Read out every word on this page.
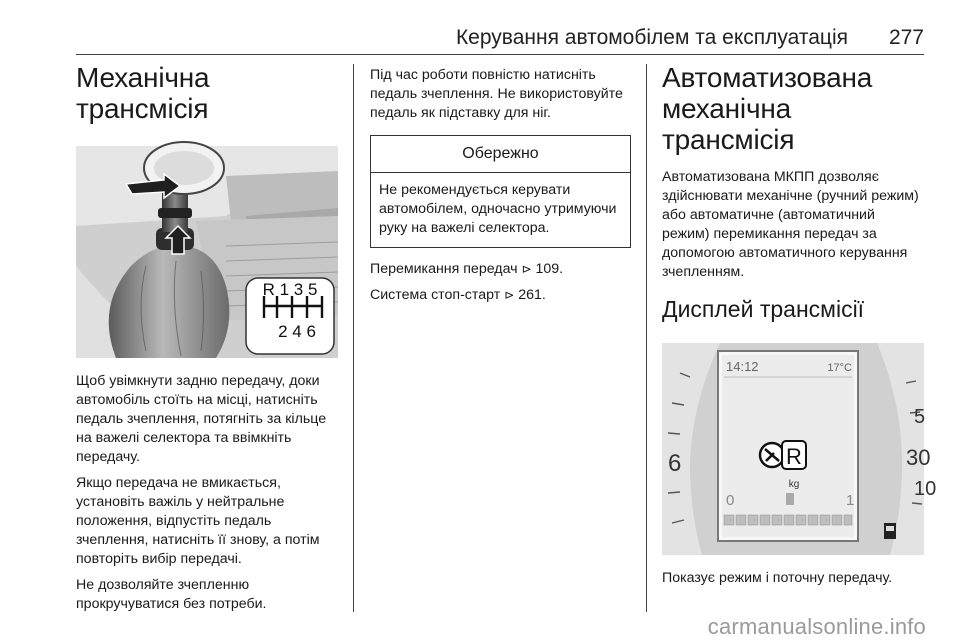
Керування автомобілем та експлуатація 277
Механічна трансмісія
R 1 3 5
2 4 6

Щоб увімкнути задню передачу, доки автомобіль стоїть на місці, натисніть педаль зчеплення, потягніть за кільце на важелі селектора та ввімкніть передачу.

Якщо передача не вмикається, установіть важіль у нейтральне положення, відпустіть педаль зчеплення, натисніть її знову, а потім повторіть вибір передачі.

Не дозволяйте зчепленню прокручуватися без потреби.

Під час роботи повністю натисніть педаль зчеплення. Не використовуйте педаль як підставку для ніг.

Обережно

Не рекомендується керувати автомобілем, одночасно утримуючи руку на важелі селектора.

Перемикання передач ⊳ 109.

Система стоп-старт ⊳ 261.

Автоматизована механічна трансмісія

Автоматизована МКПП дозволяє здійснювати механічне (ручний режим) або автоматичне (автоматичний режим) перемикання передач за допомогою автоматичного керування зчепленням.

Дисплей трансмісії
6
5
30
10
14:12	17°C
R
kg
0	1

Показує режим і поточну передачу.

carmanualsonline.info
